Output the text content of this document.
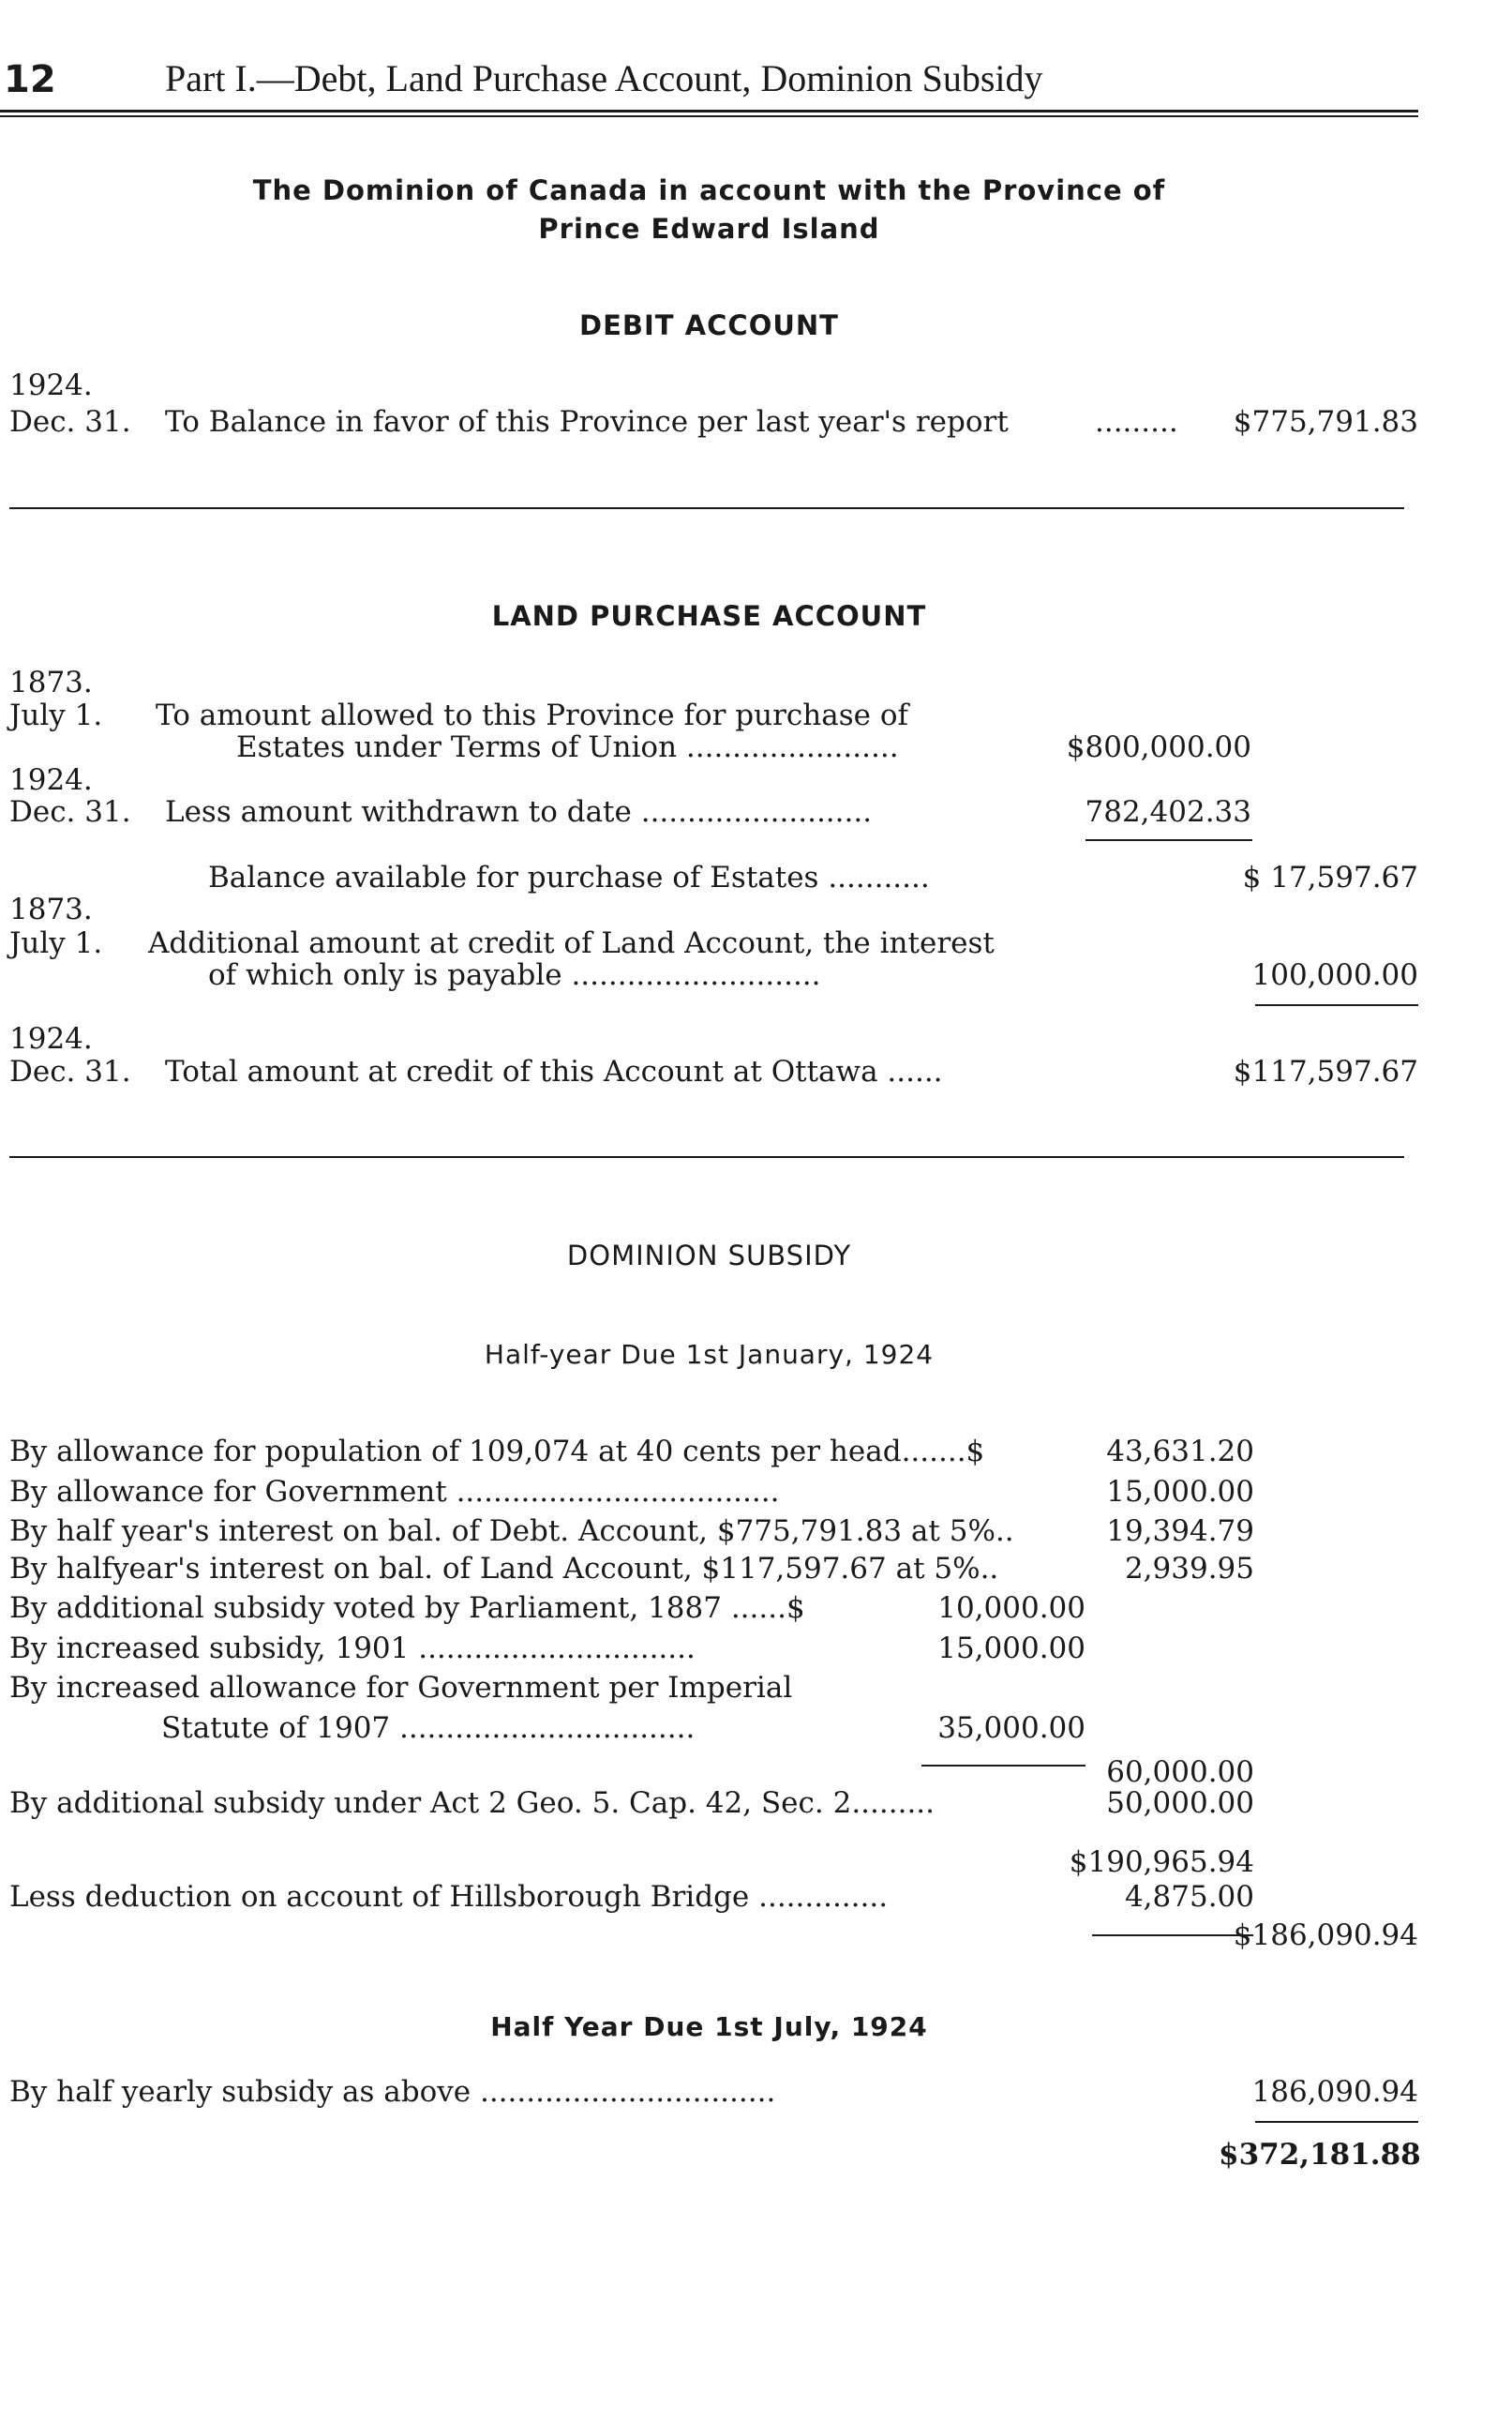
12	Part I.—Debt, Land Purchase Account, Dominion Subsidy
The Dominion of Canada in account with the Province of
Prince Edward Island
DEBIT ACCOUNT
1924.
Dec. 31. To Balance in favor of this Province per last year's report	.........	$775,791.83
LAND PURCHASE ACCOUNT
1873.
July 1. To amount allowed to this Province for purchase of
Estates under Terms of Union .......................	$800,000.00
1924.
Dec. 31. Less amount withdrawn to date .........................	782,402.33
Balance available for purchase of Estates ...........	$ 17,597.67
1873.
July 1. Additional amount at credit of Land Account, the interest
of which only is payable ...........................	100,000.00
1924.
Dec. 31. Total amount at credit of this Account at Ottawa ......	$117,597.67
DOMINION SUBSIDY
Half-year Due 1st January, 1924
By allowance for population of 109,074 at 40 cents per head.......$	43,631.20
By allowance for Government ...................................	15,000.00
By half year's interest on bal. of Debt. Account, $775,791.83 at 5%..	19,394.79
By halfyear's interest on bal. of Land Account, $117,597.67 at 5%..	2,939.95
By additional subsidy voted by Parliament, 1887 ......$	10,000.00
By increased subsidy, 1901 ..............................	15,000.00
By increased allowance for Government per Imperial
Statute of 1907 ................................	35,000.00
60,000.00
By additional subsidy under Act 2 Geo. 5. Cap. 42, Sec. 2.........	50,000.00
$190,965.94
Less deduction on account of Hillsborough Bridge ..............	4,875.00
$186,090.94
Half Year Due 1st July, 1924
By half yearly subsidy as above ................................	186,090.94
$372,181.88
